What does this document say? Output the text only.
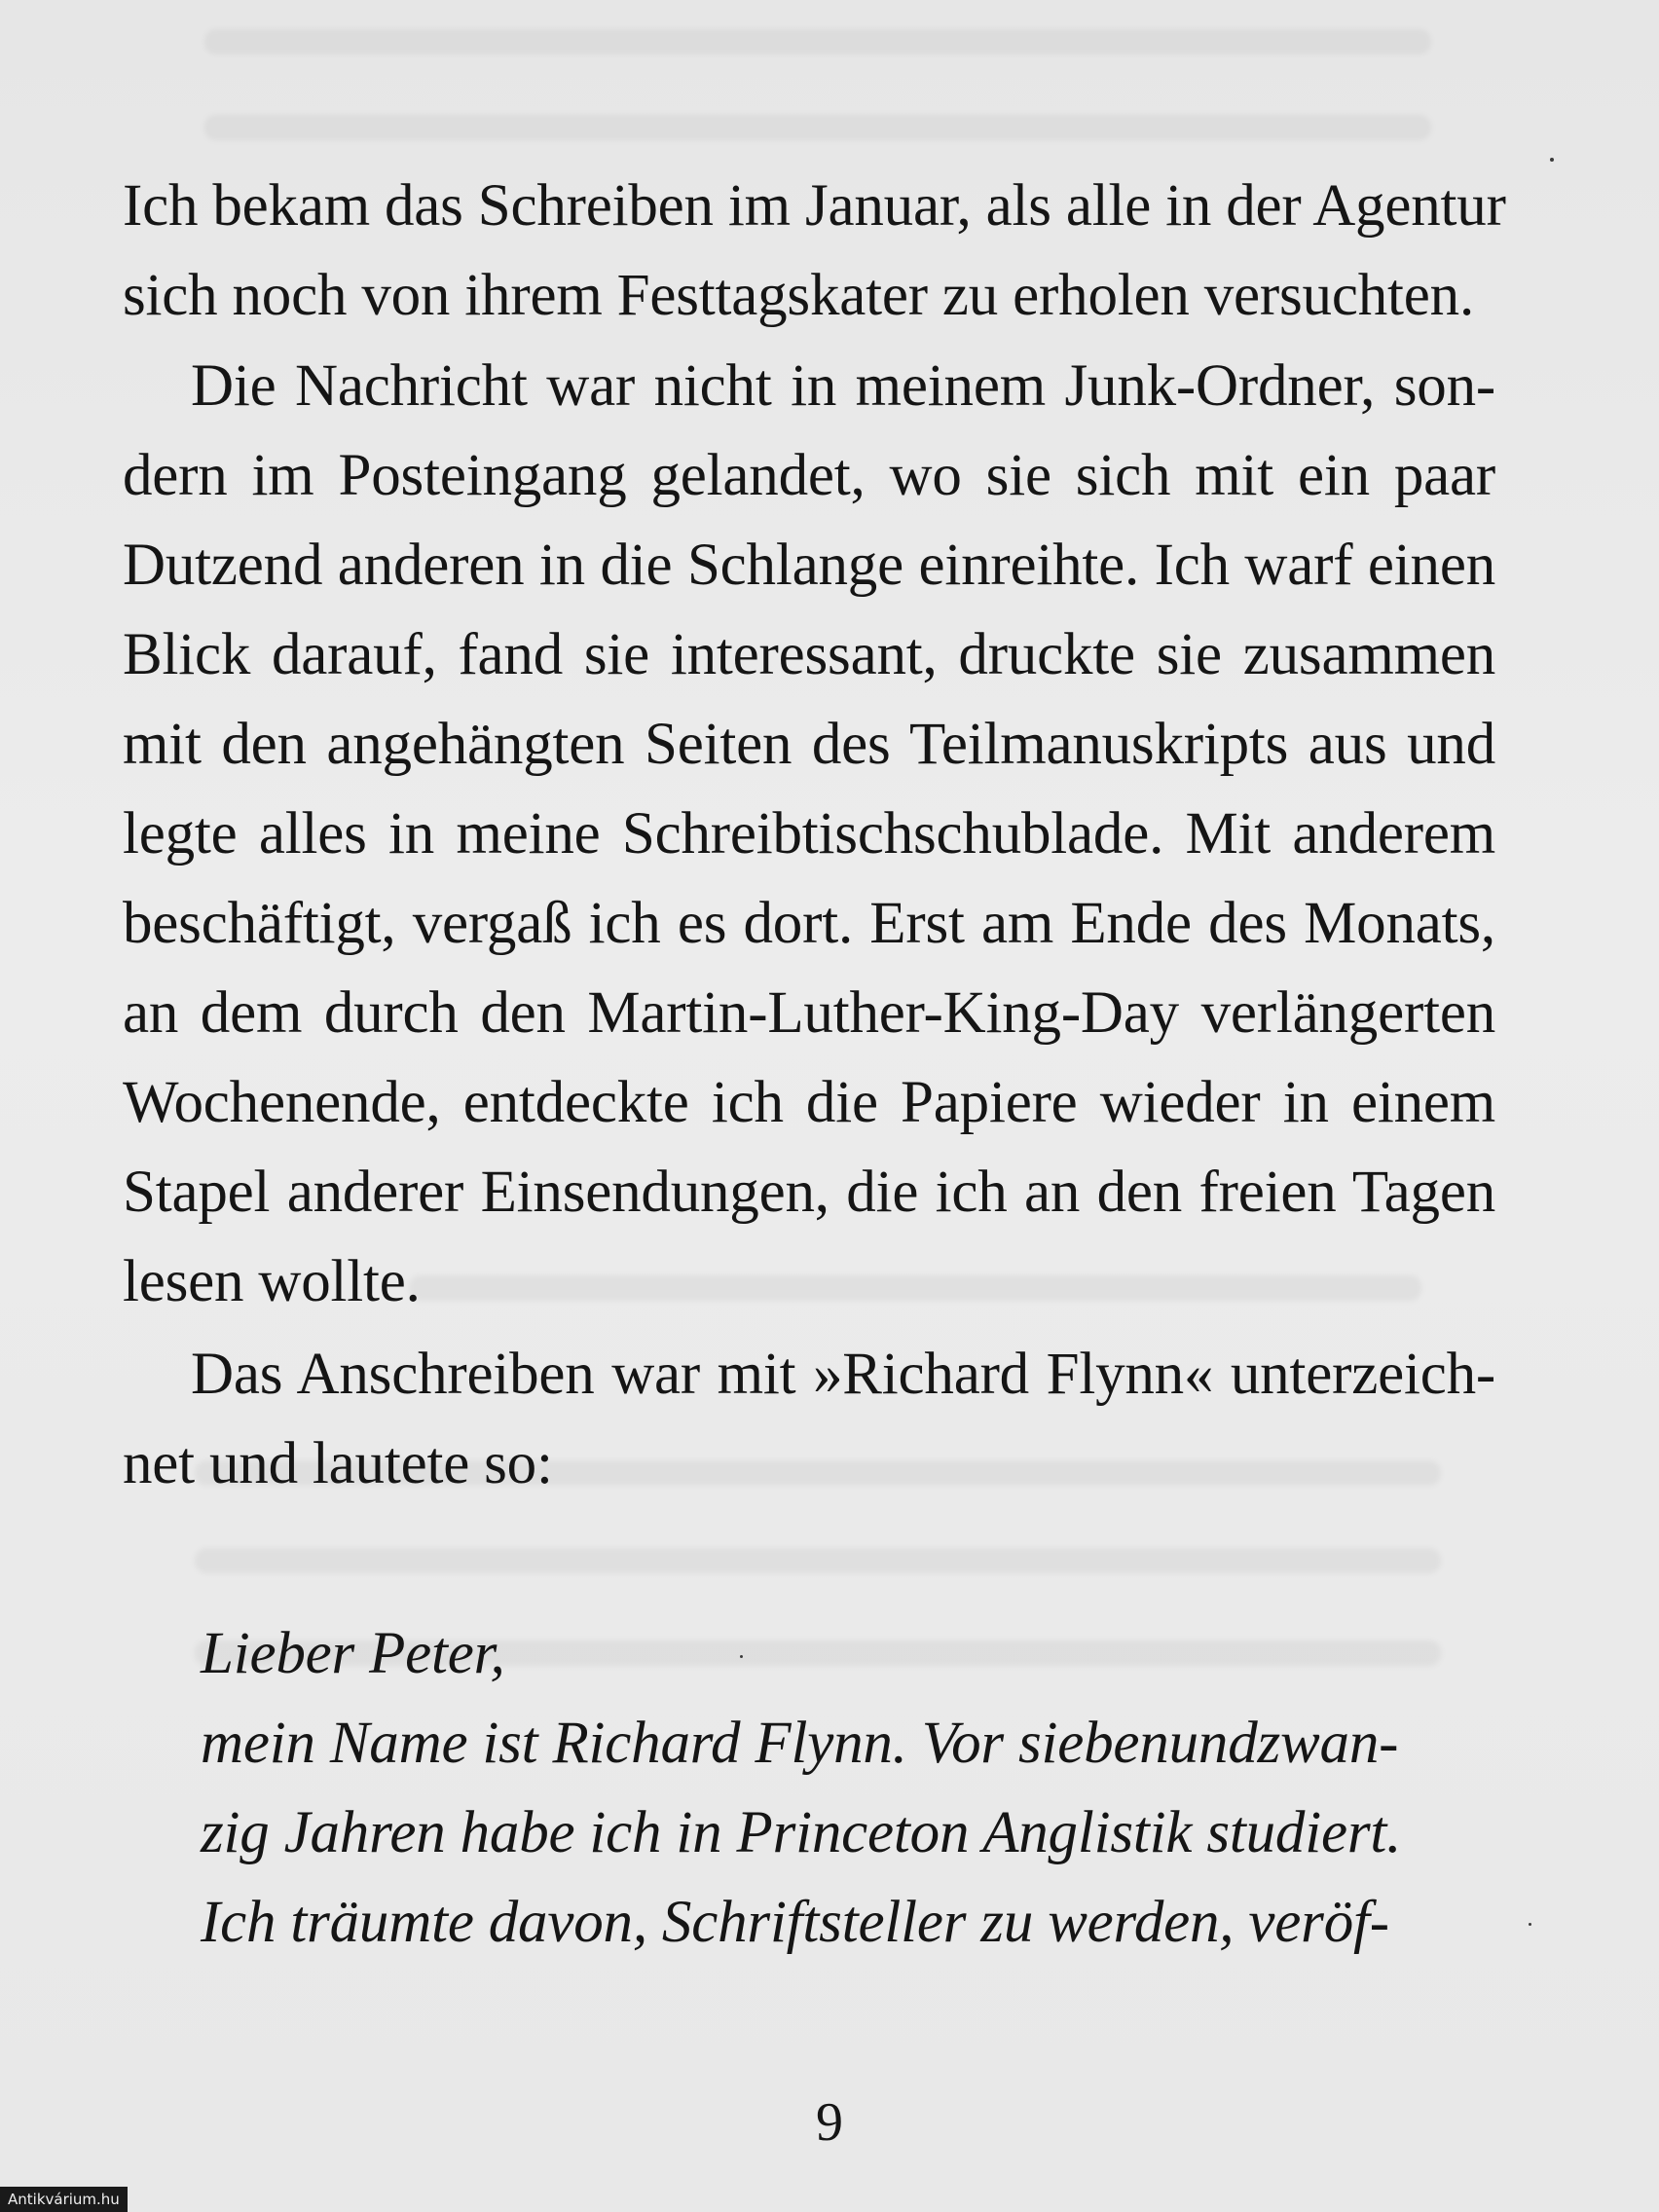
Ich bekam das Schreiben im Januar, als alle in der Agentur
sich noch von ihrem Festtagskater zu erholen versuchten.
Die Nachricht war nicht in meinem Junk-Ordner, son-
dern im Posteingang gelandet, wo sie sich mit ein paar
Dutzend anderen in die Schlange einreihte. Ich warf einen
Blick darauf, fand sie interessant, druckte sie zusammen
mit den angehängten Seiten des Teilmanuskripts aus und
legte alles in meine Schreibtischschublade. Mit anderem
beschäftigt, vergaß ich es dort. Erst am Ende des Monats,
an dem durch den Martin-Luther-King-Day verlängerten
Wochenende, entdeckte ich die Papiere wieder in einem
Stapel anderer Einsendungen, die ich an den freien Tagen
lesen wollte.
Das Anschreiben war mit »Richard Flynn« unterzeich-
net und lautete so:
Lieber Peter,
mein Name ist Richard Flynn. Vor siebenundzwan-
zig Jahren habe ich in Princeton Anglistik studiert.
Ich träumte davon, Schriftsteller zu werden, veröf-
9
Antikvárium.hu
